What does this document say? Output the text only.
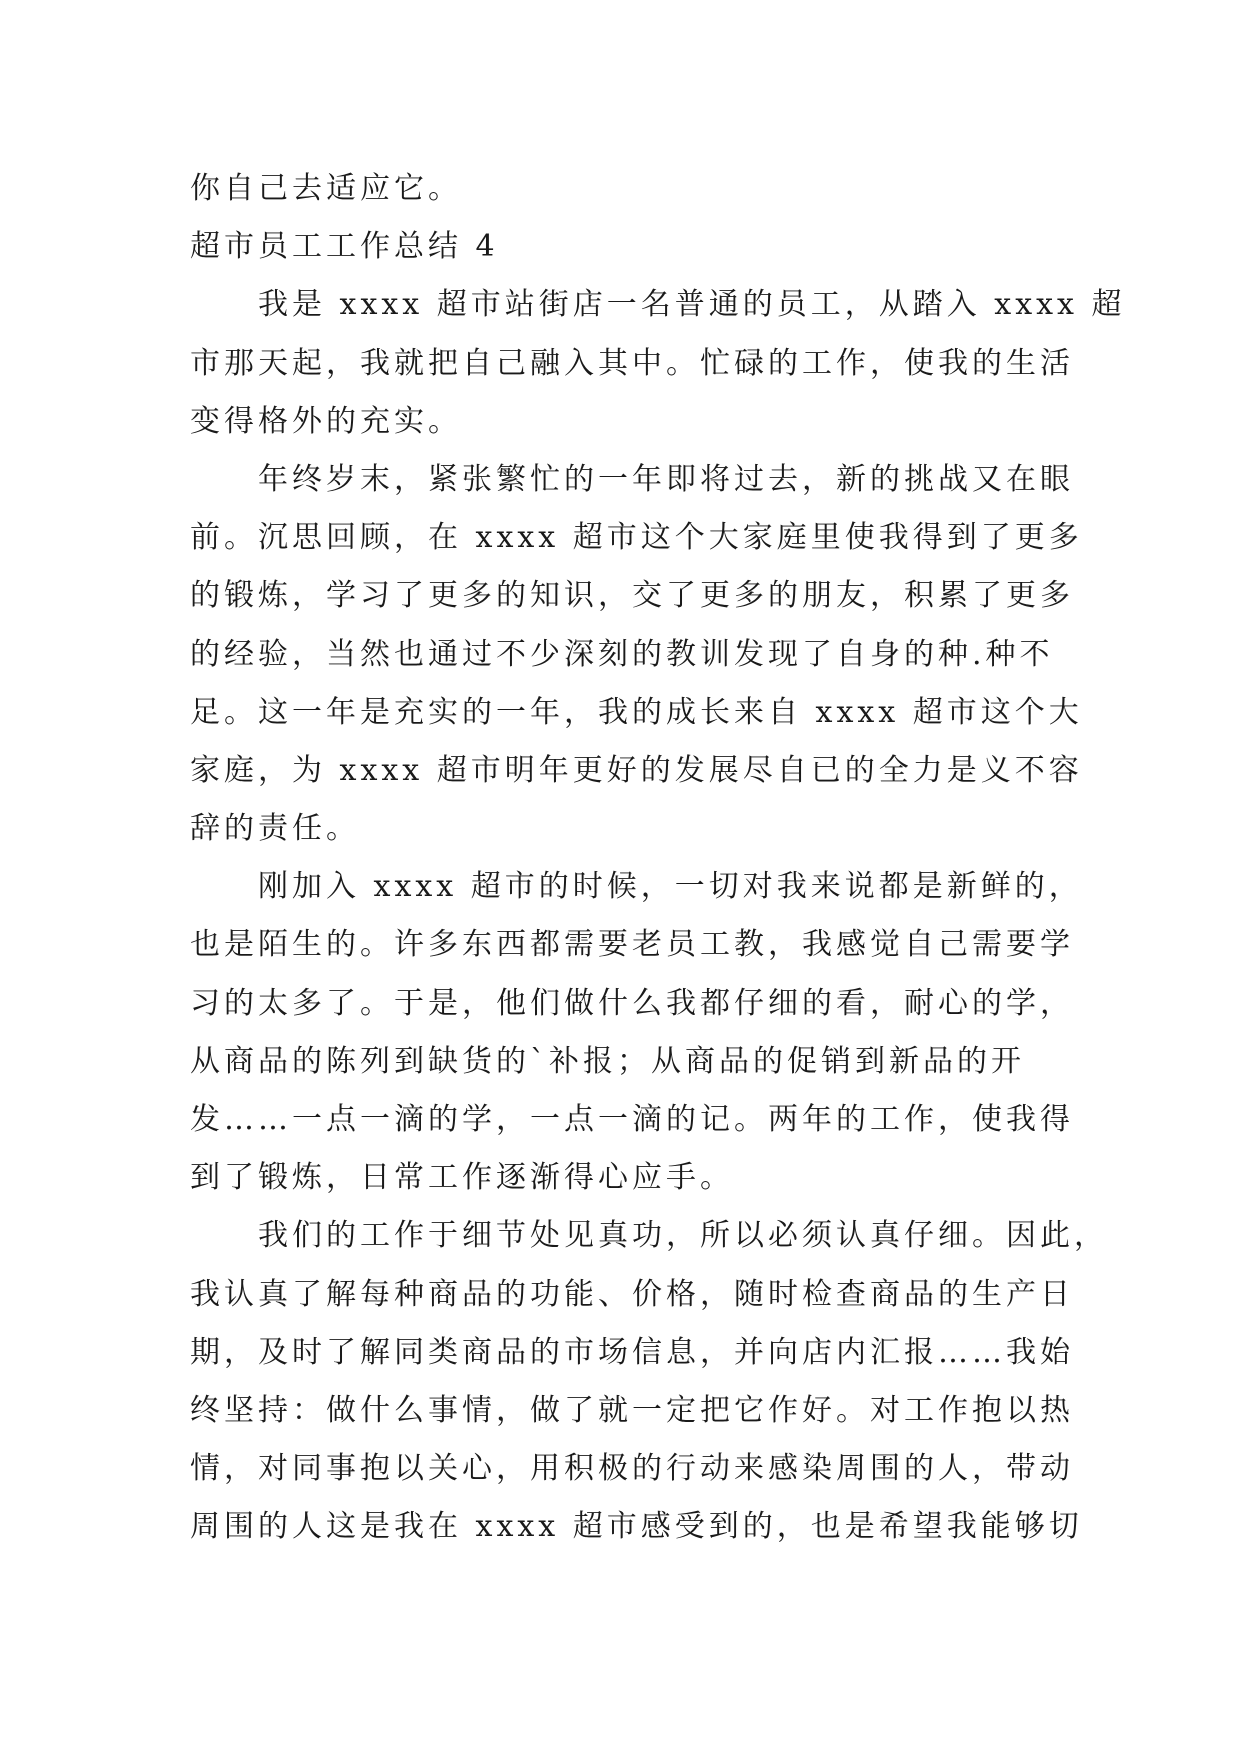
你自己去适应它。
超市员工工作总结 4
我是 xxxx 超市站街店一名普通的员工，从踏入 xxxx 超
市那天起，我就把自己融入其中。忙碌的工作，使我的生活
变得格外的充实。
年终岁末，紧张繁忙的一年即将过去，新的挑战又在眼
前。沉思回顾，在 xxxx 超市这个大家庭里使我得到了更多
的锻炼，学习了更多的知识，交了更多的朋友，积累了更多
的经验，当然也通过不少深刻的教训发现了自身的种.种不
足。这一年是充实的一年，我的成长来自 xxxx 超市这个大
家庭，为 xxxx 超市明年更好的发展尽自已的全力是义不容
辞的责任。
刚加入 xxxx 超市的时候，一切对我来说都是新鲜的，
也是陌生的。许多东西都需要老员工教，我感觉自己需要学
习的太多了。于是，他们做什么我都仔细的看，耐心的学，
从商品的陈列到缺货的`补报；从商品的促销到新品的开
发……一点一滴的学，一点一滴的记。两年的工作，使我得
到了锻炼，日常工作逐渐得心应手。
我们的工作于细节处见真功，所以必须认真仔细。因此，
我认真了解每种商品的功能、价格，随时检查商品的生产日
期，及时了解同类商品的市场信息，并向店内汇报……我始
终坚持：做什么事情，做了就一定把它作好。对工作抱以热
情，对同事抱以关心，用积极的行动来感染周围的人，带动
周围的人这是我在 xxxx 超市感受到的，也是希望我能够切
